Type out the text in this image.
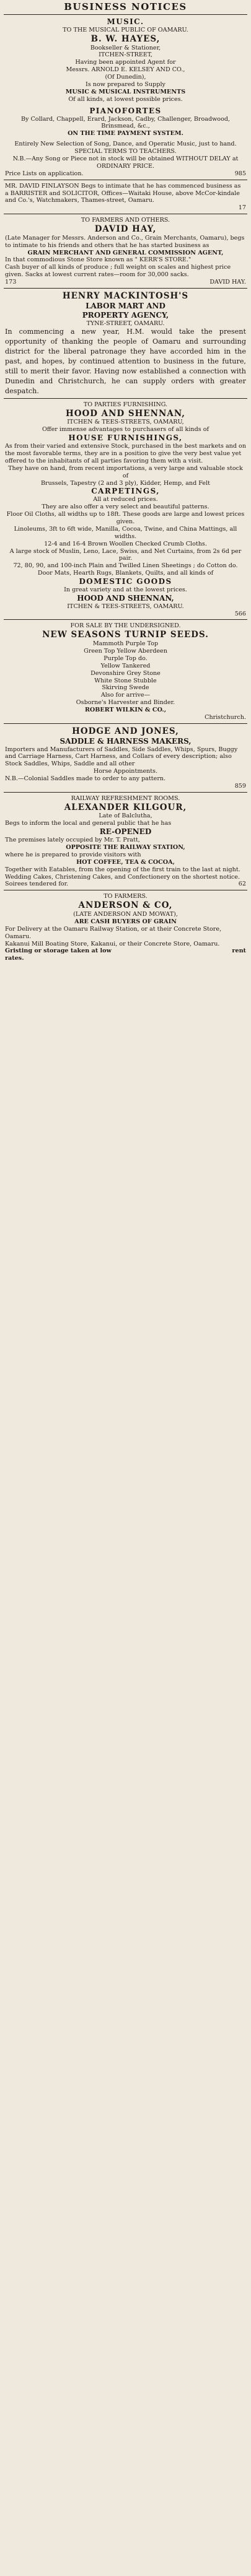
BUSINESS NOTICES
MUSIC.
TO THE MUSICAL PUBLIC OF OAMARU.
B. W. HAYES,
Bookseller & Stationer,
ITCHEN-STREET,
Having been appointed Agent for
Messrs. ARNOLD E. KELSEY AND CO.,
(Of Dunedin),
Is now prepared to Supply
MUSIC & MUSICAL INSTRUMENTS
Of all kinds, at lowest possible prices.
PIANOFORTES
By Collard, Chappell, Erard, Jackson, Cadby, Challenger, Broadwood, Brinsmead, &c.,
ON THE TIME PAYMENT SYSTEM.
Entirely New Selection of Song, Dance, and Operatic Music, just to hand.
SPECIAL TERMS TO TEACHERS.
N.B.—Any Song or Piece not in stock will be obtained WITHOUT DELAY at ORDINARY PRICE.
Price Lists on application.	985
MR. DAVID FINLAYSON Begs to intimate that he has commenced business as a BARRISTER and SOLICITOR, Offices—Waitaki House, above McCor-kindale and Co.'s, Watchmakers, Thames-street, Oamaru.
17
TO FARMERS AND OTHERS.
DAVID HAY,
(Late Manager for Messrs. Anderson and Co., Grain Merchants, Oamaru), begs to intimate to his friends and others that he has started business as
GRAIN MERCHANT AND GENERAL COMMISSION AGENT,
In that commodious Stone Store known as " KERR'S STORE."
Cash buyer of all kinds of produce ; full weight on scales and highest price given. Sacks at lowest current rates—room for 30,000 sacks.
173	DAVID HAY.
HENRY MACKINTOSH'S
LABOR MART AND
PROPERTY AGENCY,
TYNE-STREET, OAMARU.
In commencing a new year, H.M. would take the present opportunity of thanking the people of Oamaru and surrounding district for the liberal patronage they have accorded him in the past, and hopes, by continued attention to business in the future, still to merit their favor. Having now established a connection with Dunedin and Christchurch, he can supply orders with greater despatch.
TO PARTIES FURNISHING.
HOOD AND SHENNAN,
ITCHEN & TEES-STREETS, OAMARU,
Offer immense advantages to purchasers of all kinds of
HOUSE FURNISHINGS,
As from their varied and extensive Stock, purchased in the best markets and on the most favorable terms, they are in a position to give the very best value yet offered to the inhabitants of all parties favoring them with a visit.
They have on hand, from recent importations, a very large and valuable stock of
Brussels, Tapestry (2 and 3 ply), Kidder, Hemp, and Felt
CARPETINGS,
All at reduced prices.
They are also offer a very select and beautiful patterns.
Floor Oil Cloths, all widths up to 18ft. These goods are large and lowest prices given.
Linoleums, 3ft to 6ft wide, Manilla, Cocoa, Twine, and China Mattings, all widths.
12-4 and 16-4 Brown Woollen Checked Crumb Cloths.
A large stock of Muslin, Leno, Lace, Swiss, and Net Curtains, from 2s 6d per pair.
72, 80, 90, and 100-inch Plain and Twilled Linen Sheetings ; do Cotton do.
Door Mats, Hearth Rugs, Blankets, Quilts, and all kinds of
DOMESTIC GOODS
In great variety and at the lowest prices.
HOOD AND SHENNAN,
ITCHEN & TEES-STREETS, OAMARU.
566
FOR SALE BY THE UNDERSIGNED.
NEW SEASONS TURNIP SEEDS.
Mammoth Purple Top
Green Top Yellow Aberdeen
Purple Top do.
Yellow Tankered
Devonshire Grey Stone
White Stone Stubble
Skirving Swede
Also for arrive—
Osborne's Harvester and Binder.
ROBERT WILKIN & CO.,
Christchurch.
HODGE AND JONES,
SADDLE & HARNESS MAKERS,
Importers and Manufacturers of Saddles, Side Saddles, Whips, Spurs, Buggy and Carriage Harness, Cart Harness, and Collars of every description; also
Stock Saddles, Whips, Saddle and all other
Horse Appointments.
N.B.—Colonial Saddles made to order to any pattern.
859
RAILWAY REFRESHMENT ROOMS.
ALEXANDER KILGOUR,
Late of Balclutha,
Begs to inform the local and general public that he has
RE-OPENED
The premises lately occupied by Mr. T. Pratt,
OPPOSITE THE RAILWAY STATION,
where he is prepared to provide visitors with
HOT COFFEE, TEA & COCOA,
Together with Eatables, from the opening of the first train to the last at night.
Wedding Cakes, Christening Cakes, and Confectionery on the shortest notice.
Soirees tendered for.	62
TO FARMERS.
ANDERSON & CO,
(LATE ANDERSON AND MOWAT),
ARE CASH BUYERS OF GRAIN
For Delivery at the Oamaru Railway Station, or at their Concrete Store, Oamaru.
Kakanui Mill Boating Store, Kakanui, or their Concrete Store, Oamaru.
Gristing or storage taken at low	rent
rates.
